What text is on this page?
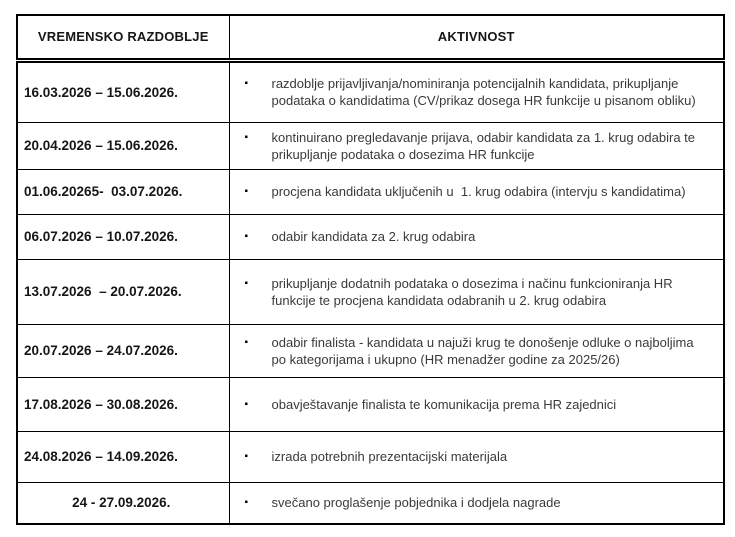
VREMENSKO RAZDOBLJE	AKTIVNOST
16.03.2026 – 15.06.2026.	▪ razdoblje prijavljivanja/nominiranja potencijalnih kandidata, prikupljanje podataka o kandidatima (CV/prikaz dosega HR funkcije u pisanom obliku)

20.04.2026 – 15.06.2026.	▪ kontinuirano pregledavanje prijava, odabir kandidata za 1. krug odabira te prikupljanje podataka o dosezima HR funkcije

01.06.20265-  03.07.2026.	▪ procjena kandidata uključenih u  1. krug odabira (intervju s kandidatima)

06.07.2026 – 10.07.2026.	▪ odabir kandidata za 2. krug odabira

13.07.2026  – 20.07.2026.	▪ prikupljanje dodatnih podataka o dosezima i načinu funkcioniranja HR funkcije te procjena kandidata odabranih u 2. krug odabira

20.07.2026 – 24.07.2026.	▪ odabir finalista - kandidata u najuži krug te donošenje odluke o najboljima po kategorijama i ukupno (HR menadžer godine za 2025/26)

17.08.2026 – 30.08.2026.	▪ obavještavanje finalista te komunikacija prema HR zajednici

24.08.2026 – 14.09.2026.	▪ izrada potrebnih prezentacijski materijala

24 - 27.09.2026.	▪ svečano proglašenje pobjednika i dodjela nagrade
